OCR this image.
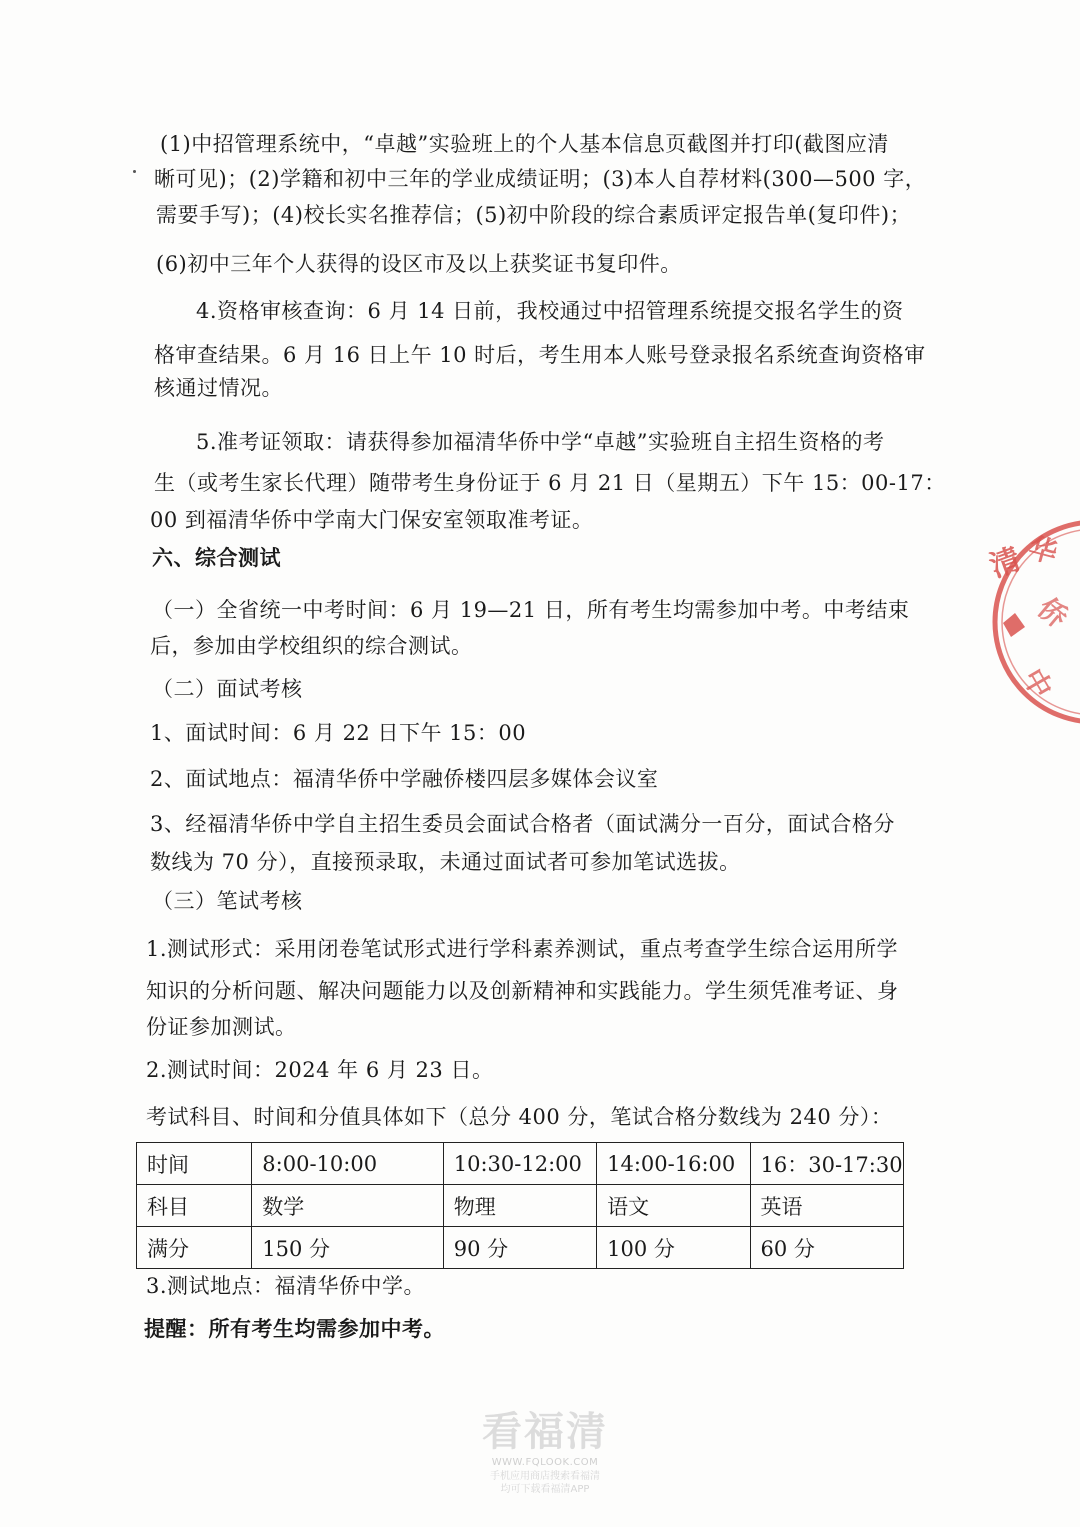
(1)中招管理系统中，“卓越”实验班上的个人基本信息页截图并打印(截图应清
晰可见)；(2)学籍和初中三年的学业成绩证明；(3)本人自荐材料(300—500 字，
需要手写)；(4)校长实名推荐信；(5)初中阶段的综合素质评定报告单(复印件)；
(6)初中三年个人获得的设区市及以上获奖证书复印件。
4.资格审核查询：6 月 14 日前，我校通过中招管理系统提交报名学生的资
格审查结果。6 月 16 日上午 10 时后，考生用本人账号登录报名系统查询资格审
核通过情况。
5.准考证领取：请获得参加福清华侨中学“卓越”实验班自主招生资格的考
生（或考生家长代理）随带考生身份证于 6 月 21 日（星期五）下午 15：00-17：
00 到福清华侨中学南大门保安室领取准考证。
六、综合测试
（一）全省统一中考时间：6 月 19—21 日，所有考生均需参加中考。中考结束
后，参加由学校组织的综合测试。
（二）面试考核
1、面试时间：6 月 22 日下午 15：00
2、面试地点：福清华侨中学融侨楼四层多媒体会议室
3、经福清华侨中学自主招生委员会面试合格者（面试满分一百分，面试合格分
数线为 70 分），直接预录取，未通过面试者可参加笔试选拔。
（三）笔试考核
1.测试形式：采用闭卷笔试形式进行学科素养测试，重点考查学生综合运用所学
知识的分析问题、解决问题能力以及创新精神和实践能力。学生须凭准考证、身
份证参加测试。
2.测试时间：2024 年 6 月 23 日。
考试科目、时间和分值具体如下（总分 400 分，笔试合格分数线为 240 分）：
时间	8:00-10:00	10:30-12:00	14:00-16:00	16：30-17:30
科目	数学	物理	语文	英语
满分	150 分	90 分	100 分	60 分
3.测试地点：福清华侨中学。
提醒：所有考生均需参加中考。
清 华
侨
中
看福清
WWW.FQLOOK.COM
手机应用商店搜索看福清
均可下载看福清APP
